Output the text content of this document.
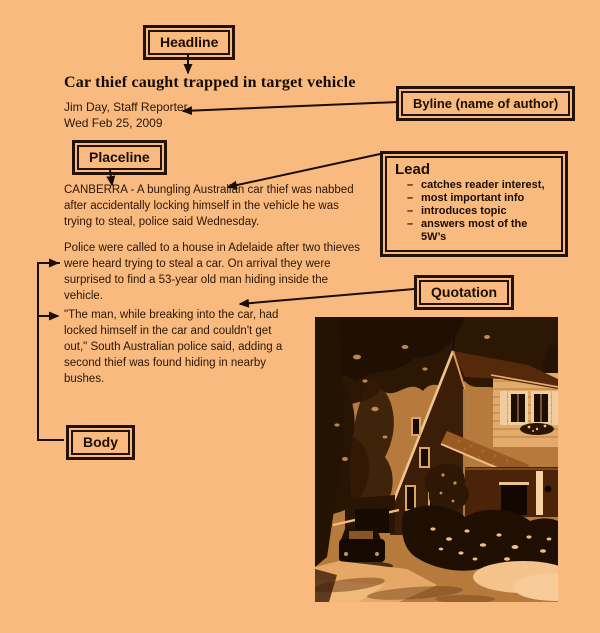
Headline
Byline (name of author)
Placeline
Lead
– catches reader interest,
– most important info
– introduces topic
– answers most of the 5W’s
Quotation
Body
Car thief caught trapped in target vehicle
Jim Day, Staff Reporter
Wed Feb 25, 2009
CANBERRA - A bungling Australian car thief was nabbed
after accidentally locking himself in the vehicle he was
trying to steal, police said Wednesday.
Police were called to a house in Adelaide after two thieves
were heard trying to steal a car. On arrival they were
surprised to find a 53-year old man hiding inside the
vehicle.
"The man, while breaking into the car, had
locked himself in the car and couldn't get
out," South Australian police said, adding a
second thief was found hiding in nearby
bushes.
